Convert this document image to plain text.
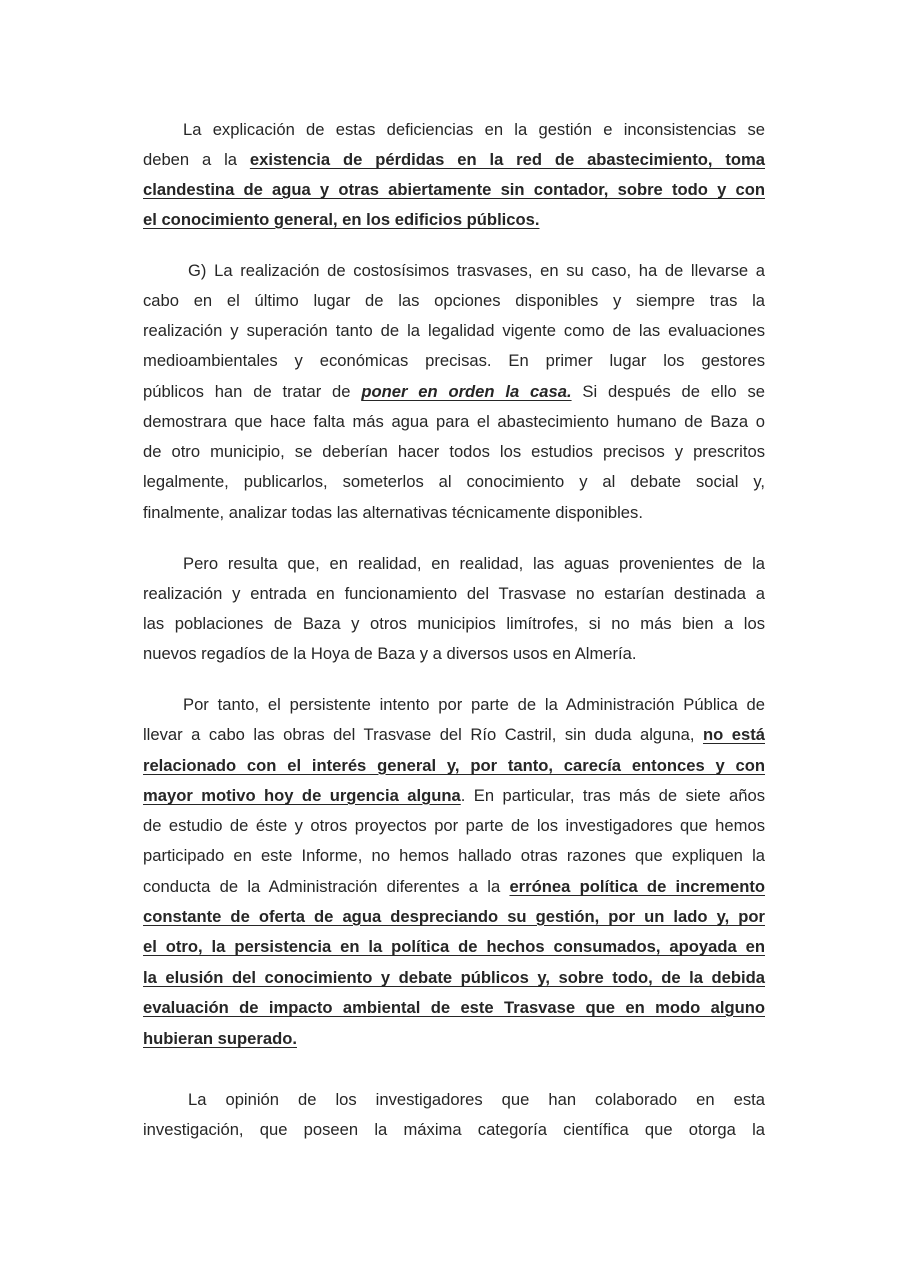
La explicación de estas deficiencias en la gestión e inconsistencias se
deben a la existencia de pérdidas en la red de abastecimiento, toma
clandestina de agua y otras abiertamente sin contador, sobre todo y con
el conocimiento general, en los edificios públicos.
G) La realización de costosísimos trasvases, en su caso, ha de llevarse a
cabo en el último lugar de las opciones disponibles y siempre tras la
realización y superación tanto de la legalidad vigente como de las evaluaciones
medioambientales y económicas precisas. En primer lugar los gestores
públicos han de tratar de poner en orden la casa. Si después de ello se
demostrara que hace falta más agua para el abastecimiento humano de Baza o
de otro municipio, se deberían hacer todos los estudios precisos y prescritos
legalmente, publicarlos, someterlos al conocimiento y al debate social y,
finalmente, analizar todas las alternativas técnicamente disponibles.
Pero resulta que, en realidad, en realidad, las aguas provenientes de la
realización y entrada en funcionamiento del Trasvase no estarían destinada a
las poblaciones de Baza y otros municipios limítrofes, si no más bien a los
nuevos regadíos de la Hoya de Baza y a diversos usos en Almería.
Por tanto, el persistente intento por parte de la Administración Pública de
llevar a cabo las obras del Trasvase del Río Castril, sin duda alguna, no está
relacionado con el interés general y, por tanto, carecía entonces y con
mayor motivo hoy de urgencia alguna. En particular, tras más de siete años
de estudio de éste y otros proyectos por parte de los investigadores que hemos
participado en este Informe, no hemos hallado otras razones que expliquen la
conducta de la Administración diferentes a la errónea política de incremento
constante de oferta de agua despreciando su gestión, por un lado y, por
el otro, la persistencia en la política de hechos consumados, apoyada en
la elusión del conocimiento y debate públicos y, sobre todo, de la debida
evaluación de impacto ambiental de este Trasvase que en modo alguno
hubieran superado.
La opinión de los investigadores que han colaborado en esta
investigación, que poseen la máxima categoría científica que otorga la
